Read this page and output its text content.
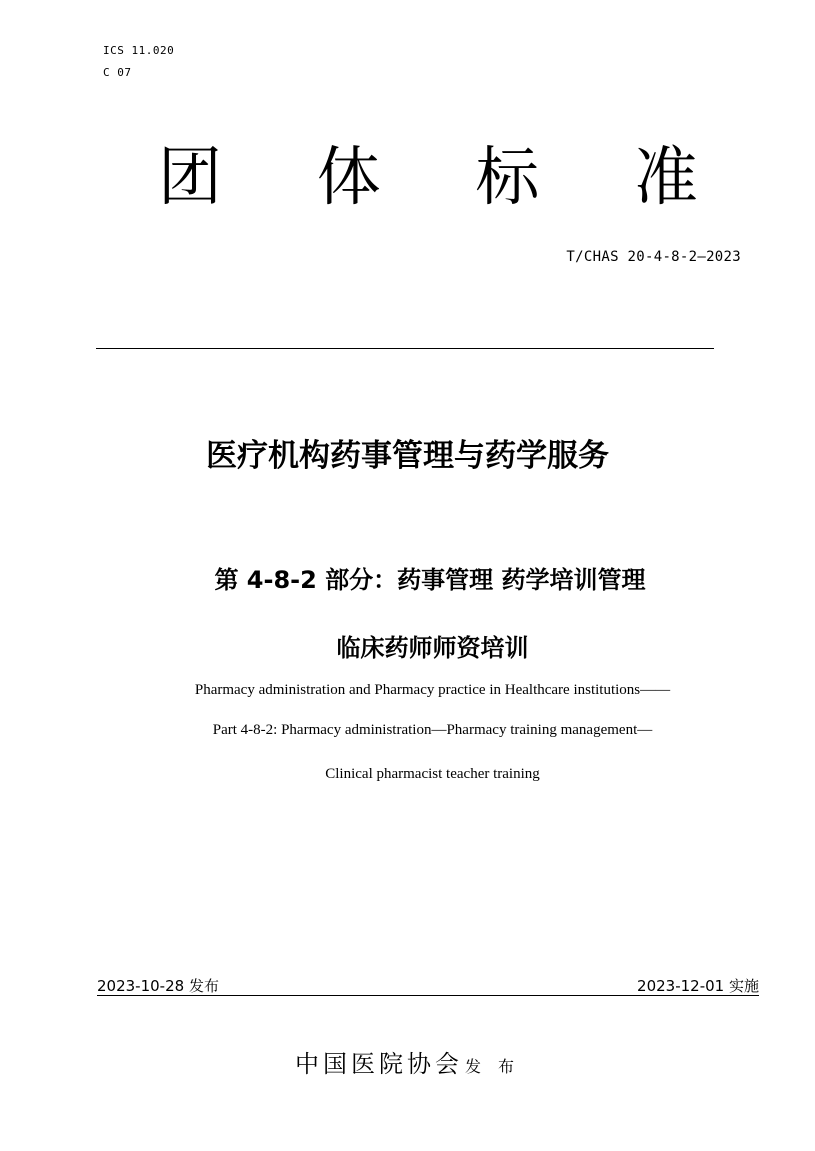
ICS 11.020
C 07
团 体 标 准
T/CHAS 20-4-8-2—2023
医疗机构药事管理与药学服务
第 4-8-2 部分：药事管理 药学培训管理
临床药师师资培训
Pharmacy administration and Pharmacy practice in Healthcare institutions——
Part 4-8-2: Pharmacy administration—Pharmacy training management—
Clinical pharmacist teacher training
2023-10-28 发布	2023-12-01 实施
中国医院协会 发 布
